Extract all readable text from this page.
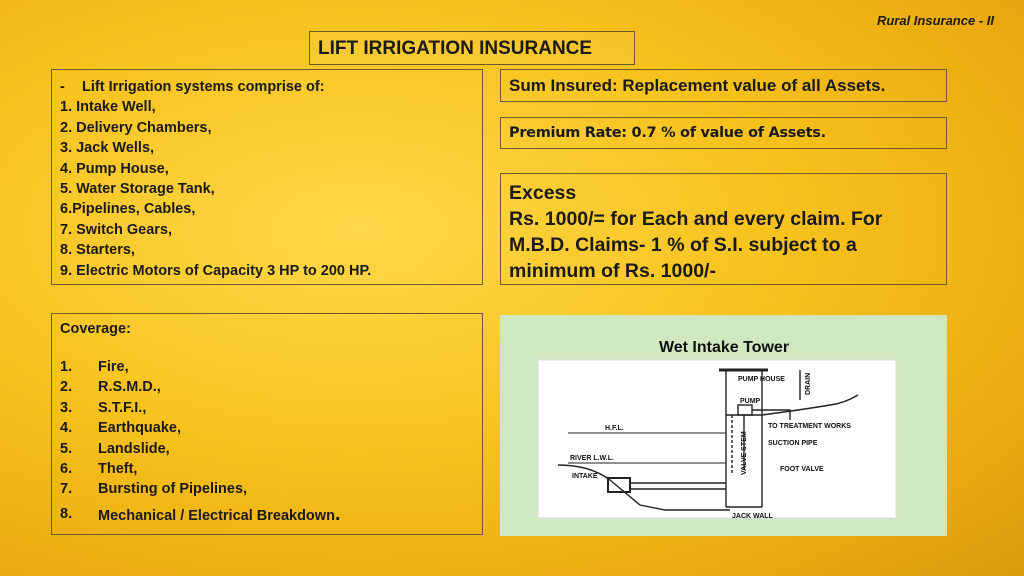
Rural Insurance - II
LIFT IRRIGATION INSURANCE
- Lift Irrigation systems comprise of:
1. Intake Well,
2. Delivery Chambers,
3. Jack Wells,
4. Pump House,
5. Water Storage Tank,
6.Pipelines, Cables,
7. Switch Gears,
8. Starters,
9. Electric Motors of Capacity 3 HP to 200 HP.
Sum Insured: Replacement value of all Assets.
Premium Rate: 0.7 % of value of Assets.
Excess
Rs. 1000/= for Each and every claim. For
M.B.D. Claims- 1 % of S.I. subject to a
minimum of Rs. 1000/-
Coverage:
1.	Fire,
2.	R.S.M.D.,
3.	S.T.F.I.,
4.	Earthquake,
5.	Landslide,
6.	Theft,
7.	Bursting of Pipelines,
8.	Mechanical / Electrical Breakdown .
Wet Intake Tower
PUMP HOUSE	DRAIN
PUMP
H.F.L.	TO TREATMENT WORKS
VALVE STEM	SUCTION PIPE
RIVER L.W.L.
INTAKE
FOOT VALVE
JACK WALL
